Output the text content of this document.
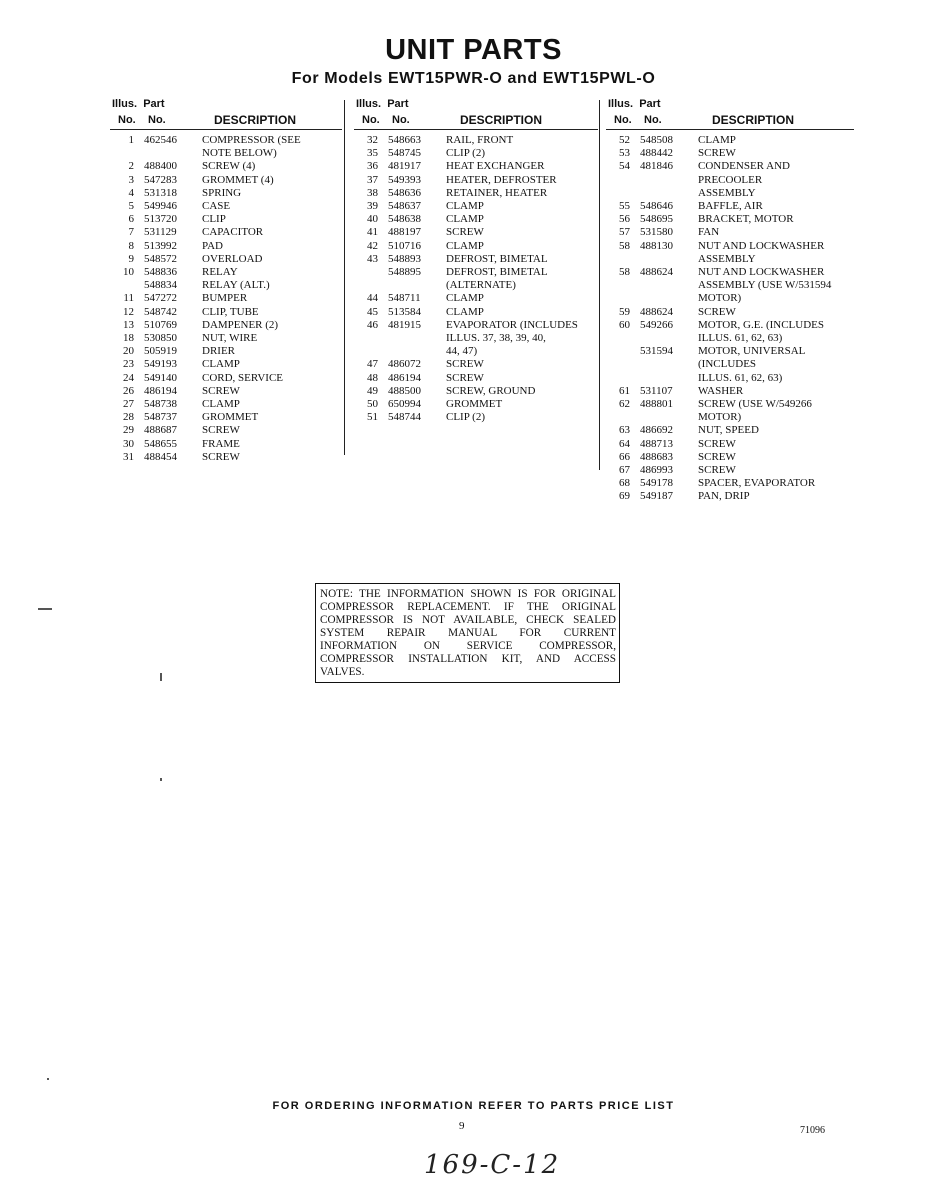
UNIT PARTS
For Models EWT15PWR-O and EWT15PWL-O
Illus. Part
No. No.	DESCRIPTION
1 462546	COMPRESSOR (SEE
NOTE BELOW)
2 488400	SCREW (4)
3 547283	GROMMET (4)
4 531318	SPRING
5 549946	CASE
6 513720	CLIP
7 531129	CAPACITOR
8 513992	PAD
9 548572	OVERLOAD
10 548836	RELAY
548834	RELAY (ALT.)
11 547272	BUMPER
12 548742	CLIP, TUBE
13 510769	DAMPENER (2)
18 530850	NUT, WIRE
20 505919	DRIER
23 549193	CLAMP
24 549140	CORD, SERVICE
26 486194	SCREW
27 548738	CLAMP
28 548737	GROMMET
29 488687	SCREW
30 548655	FRAME
31 488454	SCREW
Illus. Part
No. No.	DESCRIPTION
32 548663	RAIL, FRONT
35 548745	CLIP (2)
36 481917	HEAT EXCHANGER
37 549393	HEATER, DEFROSTER
38 548636	RETAINER, HEATER
39 548637	CLAMP
40 548638	CLAMP
41 488197	SCREW
42 510716	CLAMP
43 548893	DEFROST, BIMETAL
548895	DEFROST, BIMETAL
(ALTERNATE)
44 548711	CLAMP
45 513584	CLAMP
46 481915	EVAPORATOR (INCLUDES
ILLUS. 37, 38, 39, 40,
44, 47)
47 486072	SCREW
48 486194	SCREW
49 488500	SCREW, GROUND
50 650994	GROMMET
51 548744	CLIP (2)
Illus. Part
No. No.	DESCRIPTION
52 548508	CLAMP
53 488442	SCREW
54 481846	CONDENSER AND PRECOOLER
ASSEMBLY
55 548646	BAFFLE, AIR
56 548695	BRACKET, MOTOR
57 531580	FAN
58 488130	NUT AND LOCKWASHER
ASSEMBLY
58 488624	NUT AND LOCKWASHER
ASSEMBLY (USE W/531594
MOTOR)
59 488624	SCREW
60 549266	MOTOR, G.E. (INCLUDES
ILLUS. 61, 62, 63)
531594	MOTOR, UNIVERSAL (INCLUDES
ILLUS. 61, 62, 63)
61 531107	WASHER
62 488801	SCREW (USE W/549266
MOTOR)
63 486692	NUT, SPEED
64 488713	SCREW
66 488683	SCREW
67 486993	SCREW
68 549178	SPACER, EVAPORATOR
69 549187	PAN, DRIP
NOTE: THE INFORMATION SHOWN IS FOR ORIGINAL COMPRESSOR REPLACEMENT. IF THE ORIGINAL COMPRESSOR IS NOT AVAILABLE, CHECK SEALED SYSTEM REPAIR MANUAL FOR CURRENT INFORMATION ON SERVICE COMPRESSOR, COMPRESSOR INSTALLATION KIT, AND ACCESS VALVES.
FOR ORDERING INFORMATION REFER TO PARTS PRICE LIST
9	71096
169-C-12
